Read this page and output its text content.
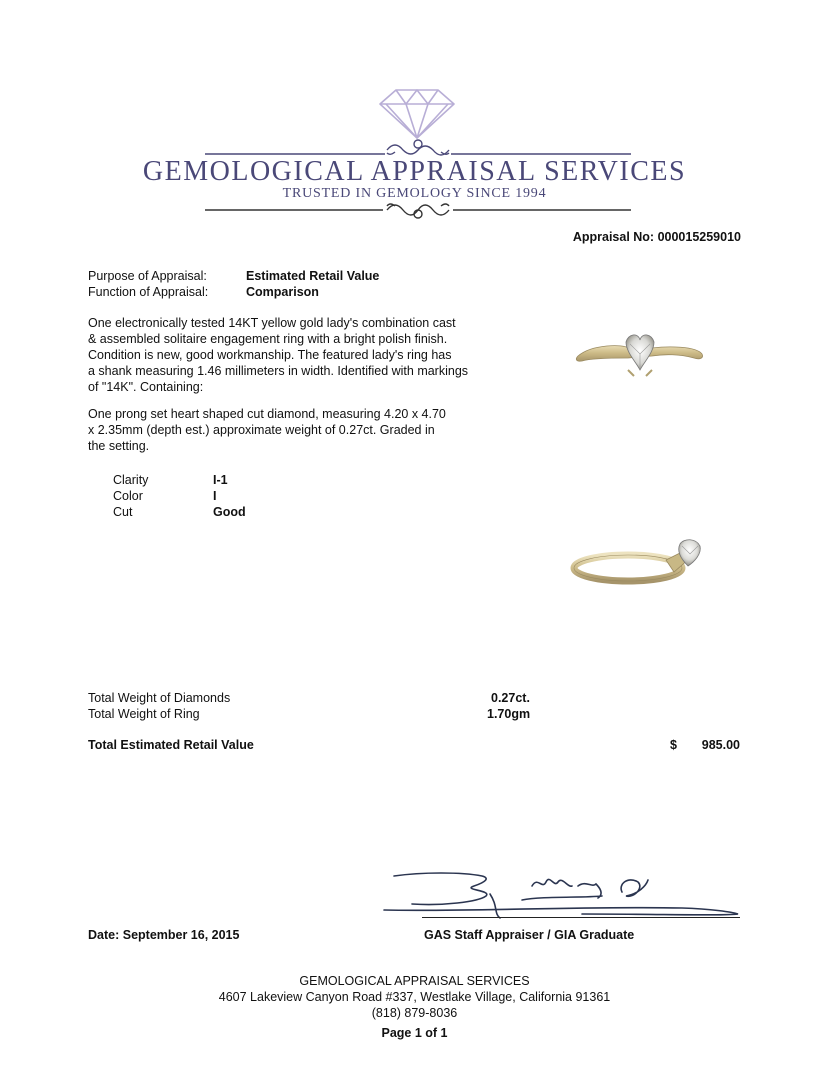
GEMOLOGICAL APPRAISAL SERVICES
TRUSTED IN GEMOLOGY SINCE 1994
Appraisal No: 000015259010
Purpose of Appraisal:	Estimated Retail Value
Function of Appraisal:	Comparison
One electronically tested 14KT yellow gold lady's combination cast
& assembled solitaire engagement ring with a bright polish finish.
Condition is new, good workmanship. The featured lady's ring has
a shank measuring 1.46 millimeters in width. Identified with markings
of "14K". Containing:
One prong set heart shaped cut diamond, measuring 4.20 x 4.70
x 2.35mm (depth est.) approximate weight of 0.27ct. Graded in
the setting.
Clarity	I-1
Color	I
Cut	Good
Total Weight of Diamonds	0.27ct.
Total Weight of Ring	1.70gm
Total Estimated Retail Value	$ 985.00
Date: September 16, 2015	GAS Staff Appraiser / GIA Graduate
GEMOLOGICAL APPRAISAL SERVICES
4607 Lakeview Canyon Road #337, Westlake Village, California 91361
(818) 879-8036
Page 1 of 1
